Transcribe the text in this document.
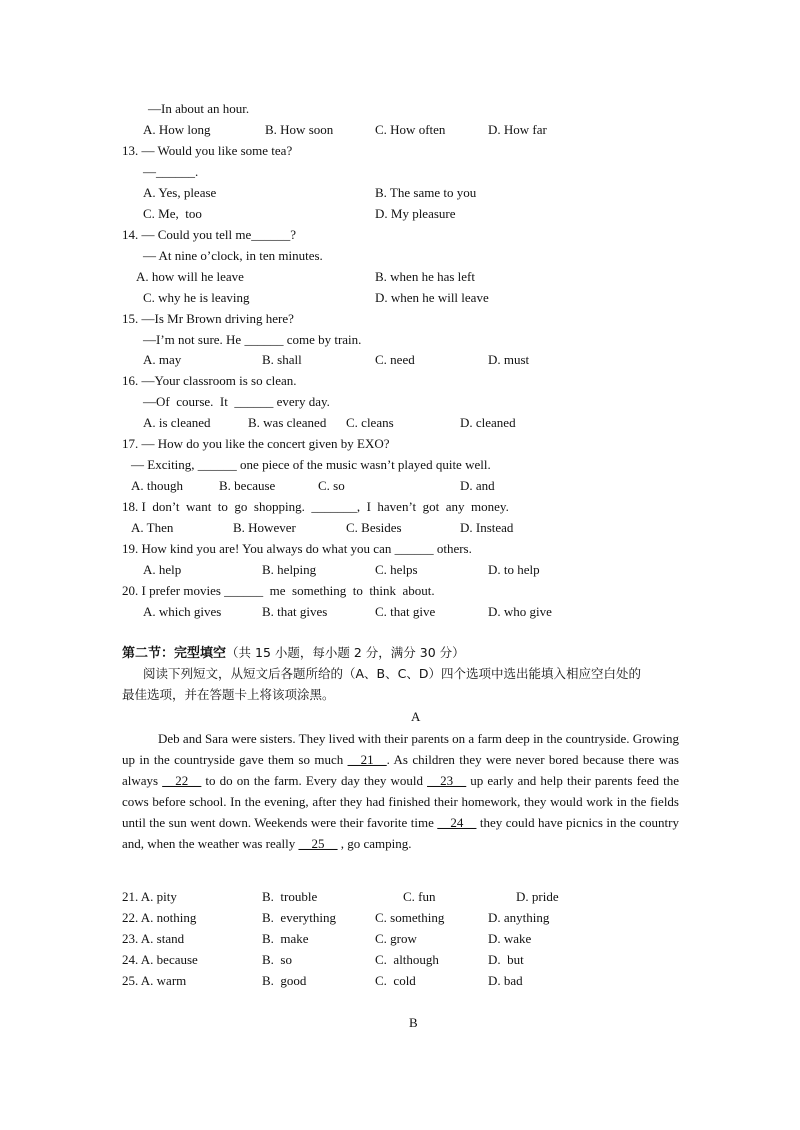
—In about an hour.
A. How long	B. How soon	C. How often	D. How far
13. — Would you like some tea?
—______.
A. Yes, please	B. The same to you
C. Me,  too	D. My pleasure
14. — Could you tell me______?
— At nine o’clock, in ten minutes.
A. how will he leave	B. when he has left
C. why he is leaving	D. when he will leave
15. —Is Mr Brown driving here?
—I’m not sure. He ______ come by train.
A. may	B. shall	C. need	D. must
16. —Your classroom is so clean.
—Of  course.  It  ______ every day.
A. is cleaned	B. was cleaned C. cleans	D. cleaned
17. — How do you like the concert given by EXO?
— Exciting, ______ one piece of the music wasn’t played quite well.
A. though	B. because	C. so	D. and
18. I  don’t  want  to  go  shopping.  _______,  I  haven’t  got  any  money.
A. Then	B. However	C. Besides	D. Instead
19. How kind you are! You always do what you can ______ others.
A. help	B. helping	C. helps	D. to help
20. I prefer movies ______  me  something  to  think  about.
A. which gives	B. that gives	C. that give	D. who give
21. A. pity	B.  trouble	C. fun	D. pride
22. A. nothing	B.  everything	C. something	D. anything
23. A. stand	B.  make	C. grow	D. wake
24. A. because	B.  so	C.  although	D.  but
25. A. warm	B.  good	C.  cold	D. bad
B
第二节：完型填空（共 15 小题，每小题 2 分，满分 30 分）
阅读下列短文，从短文后各题所给的（A、B、C、D）四个选项中选出能填入相应空白处的
最佳选项，并在答题卡上将该项涂黑。
A
Deb and Sara were sisters. They lived with their parents on a farm deep in the countryside. Growing up in the countryside gave them so much __21__. As children they were never bored because there was always __22__ to do on the farm. Every day they would __23__ up early and help their parents feed the cows before school. In the evening, after they had finished their homework, they would work in the fields until the sun went down. Weekends were their favorite time __24__ they could have picnics in the country and, when the weather was really __25__ , go camping.
